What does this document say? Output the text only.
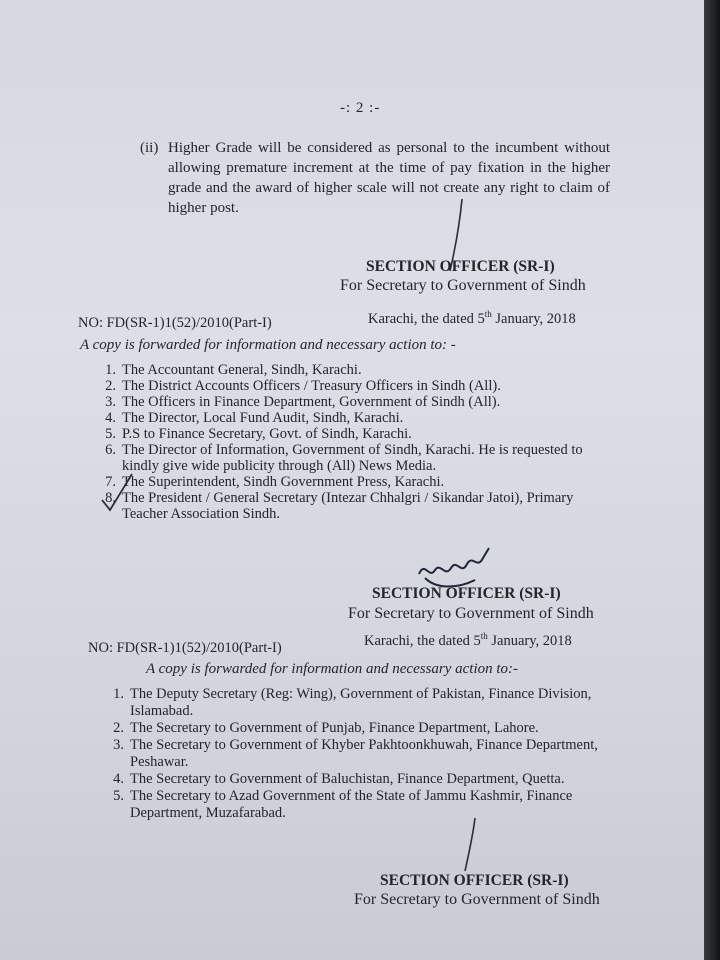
-: 2 :-

(ii) Higher Grade will be considered as personal to the incumbent without allowing premature increment at the time of pay fixation in the higher grade and the award of higher scale will not create any right to claim of higher post.

SECTION OFFICER (SR-I)

For Secretary to Government of Sindh

NO: FD(SR-1)1(52)/2010(Part-I)	Karachi, the dated 5th January, 2018

A copy is forwarded for information and necessary action to: -

1. The Accountant General, Sindh, Karachi.
2. The District Accounts Officers / Treasury Officers in Sindh (All).
3. The Officers in Finance Department, Government of Sindh (All).
4. The Director, Local Fund Audit, Sindh, Karachi.
5. P.S to Finance Secretary, Govt. of Sindh, Karachi.
6. The Director of Information, Government of Sindh, Karachi. He is requested to kindly give wide publicity through (All) News Media.
7. The Superintendent, Sindh Government Press, Karachi.
8. The President / General Secretary (Intezar Chhalgri / Sikandar Jatoi), Primary Teacher Association Sindh.

SECTION OFFICER (SR-I)

For Secretary to Government of Sindh

NO: FD(SR-1)1(52)/2010(Part-I)	Karachi, the dated 5th January, 2018

A copy is forwarded for information and necessary action to:-

1. The Deputy Secretary (Reg: Wing), Government of Pakistan, Finance Division, Islamabad.
2. The Secretary to Government of Punjab, Finance Department, Lahore.
3. The Secretary to Government of Khyber Pakhtoonkhuwah, Finance Department, Peshawar.
4. The Secretary to Government of Baluchistan, Finance Department, Quetta.
5. The Secretary to Azad Government of the State of Jammu Kashmir, Finance Department, Muzafarabad.

SECTION OFFICER (SR-I)

For Secretary to Government of Sindh
